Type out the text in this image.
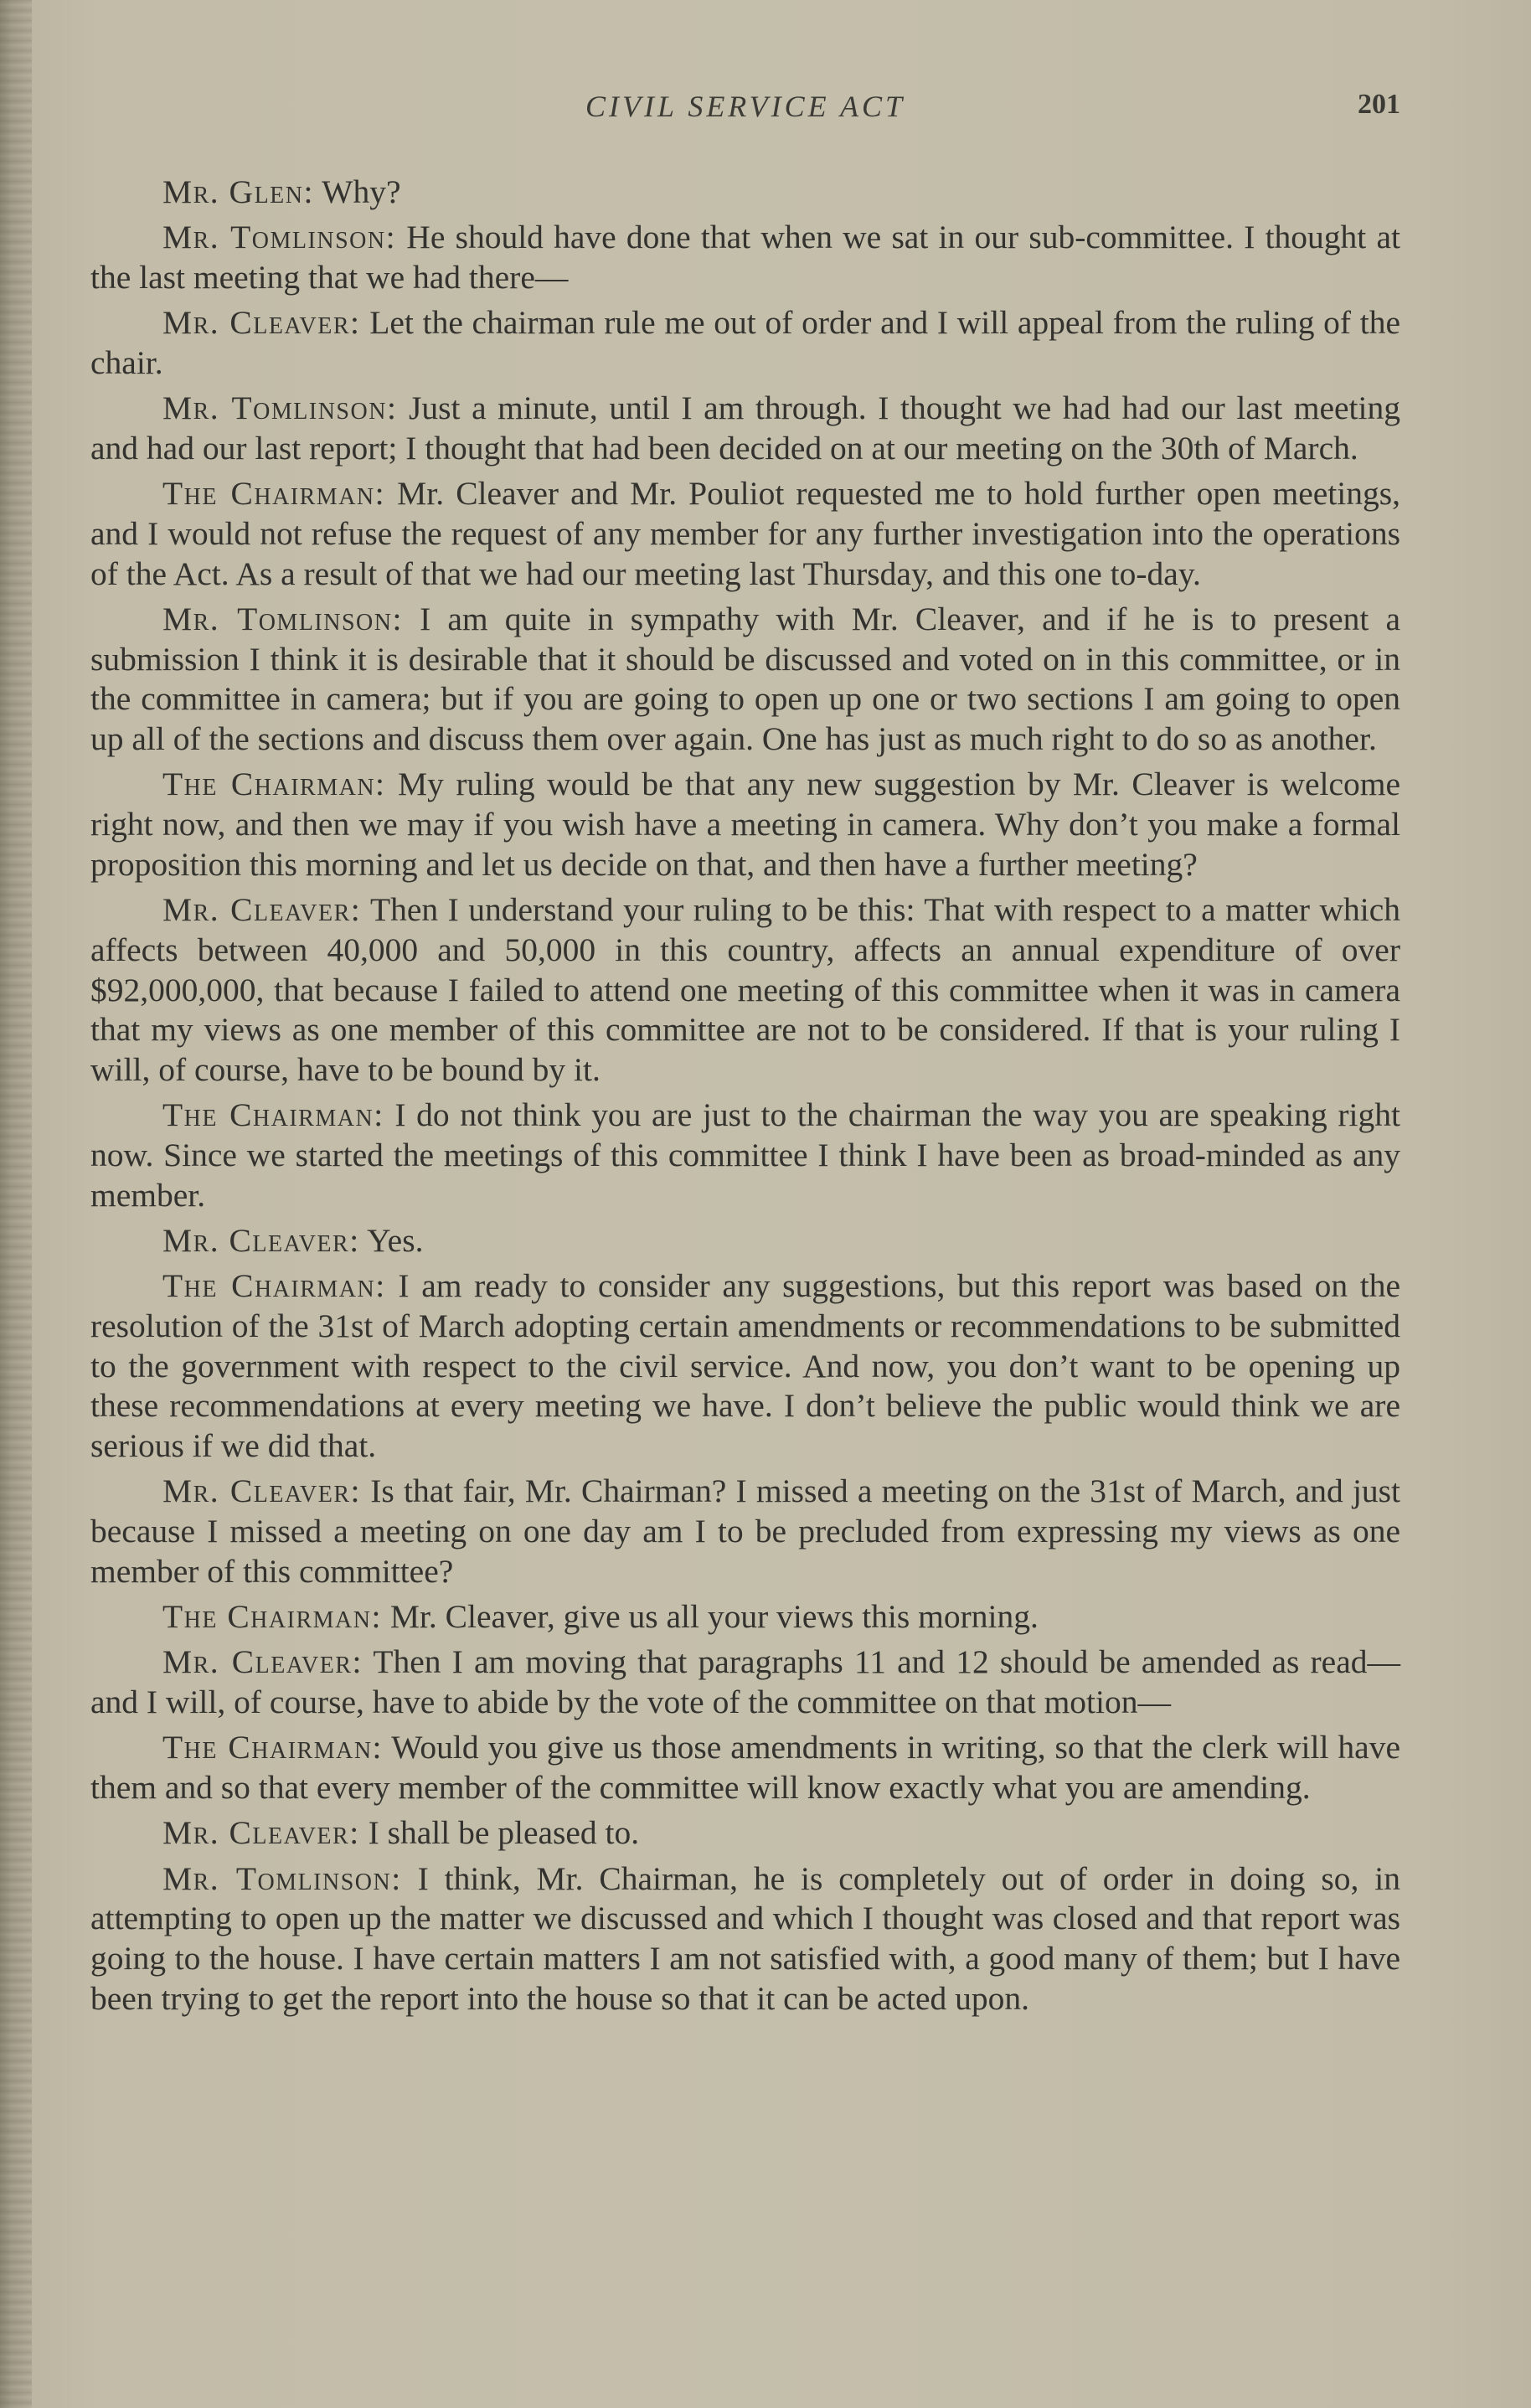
CIVIL SERVICE ACT	201

Mr. Glen: Why?

Mr. Tomlinson: He should have done that when we sat in our sub-committee. I thought at the last meeting that we had there—

Mr. Cleaver: Let the chairman rule me out of order and I will appeal from the ruling of the chair.

Mr. Tomlinson: Just a minute, until I am through. I thought we had had our last meeting and had our last report; I thought that had been decided on at our meeting on the 30th of March.

The Chairman: Mr. Cleaver and Mr. Pouliot requested me to hold further open meetings, and I would not refuse the request of any member for any further investigation into the operations of the Act. As a result of that we had our meeting last Thursday, and this one to-day.

Mr. Tomlinson: I am quite in sympathy with Mr. Cleaver, and if he is to present a submission I think it is desirable that it should be discussed and voted on in this committee, or in the committee in camera; but if you are going to open up one or two sections I am going to open up all of the sections and discuss them over again. One has just as much right to do so as another.

The Chairman: My ruling would be that any new suggestion by Mr. Cleaver is welcome right now, and then we may if you wish have a meeting in camera. Why don’t you make a formal proposition this morning and let us decide on that, and then have a further meeting?

Mr. Cleaver: Then I understand your ruling to be this: That with respect to a matter which affects between 40,000 and 50,000 in this country, affects an annual expenditure of over $92,000,000, that because I failed to attend one meeting of this committee when it was in camera that my views as one member of this committee are not to be considered. If that is your ruling I will, of course, have to be bound by it.

The Chairman: I do not think you are just to the chairman the way you are speaking right now. Since we started the meetings of this committee I think I have been as broad-minded as any member.

Mr. Cleaver: Yes.

The Chairman: I am ready to consider any suggestions, but this report was based on the resolution of the 31st of March adopting certain amendments or recommendations to be submitted to the government with respect to the civil service. And now, you don’t want to be opening up these recommendations at every meeting we have. I don’t believe the public would think we are serious if we did that.

Mr. Cleaver: Is that fair, Mr. Chairman? I missed a meeting on the 31st of March, and just because I missed a meeting on one day am I to be precluded from expressing my views as one member of this committee?

The Chairman: Mr. Cleaver, give us all your views this morning.

Mr. Cleaver: Then I am moving that paragraphs 11 and 12 should be amended as read—and I will, of course, have to abide by the vote of the committee on that motion—

The Chairman: Would you give us those amendments in writing, so that the clerk will have them and so that every member of the committee will know exactly what you are amending.

Mr. Cleaver: I shall be pleased to.

Mr. Tomlinson: I think, Mr. Chairman, he is completely out of order in doing so, in attempting to open up the matter we discussed and which I thought was closed and that report was going to the house. I have certain matters I am not satisfied with, a good many of them; but I have been trying to get the report into the house so that it can be acted upon.
